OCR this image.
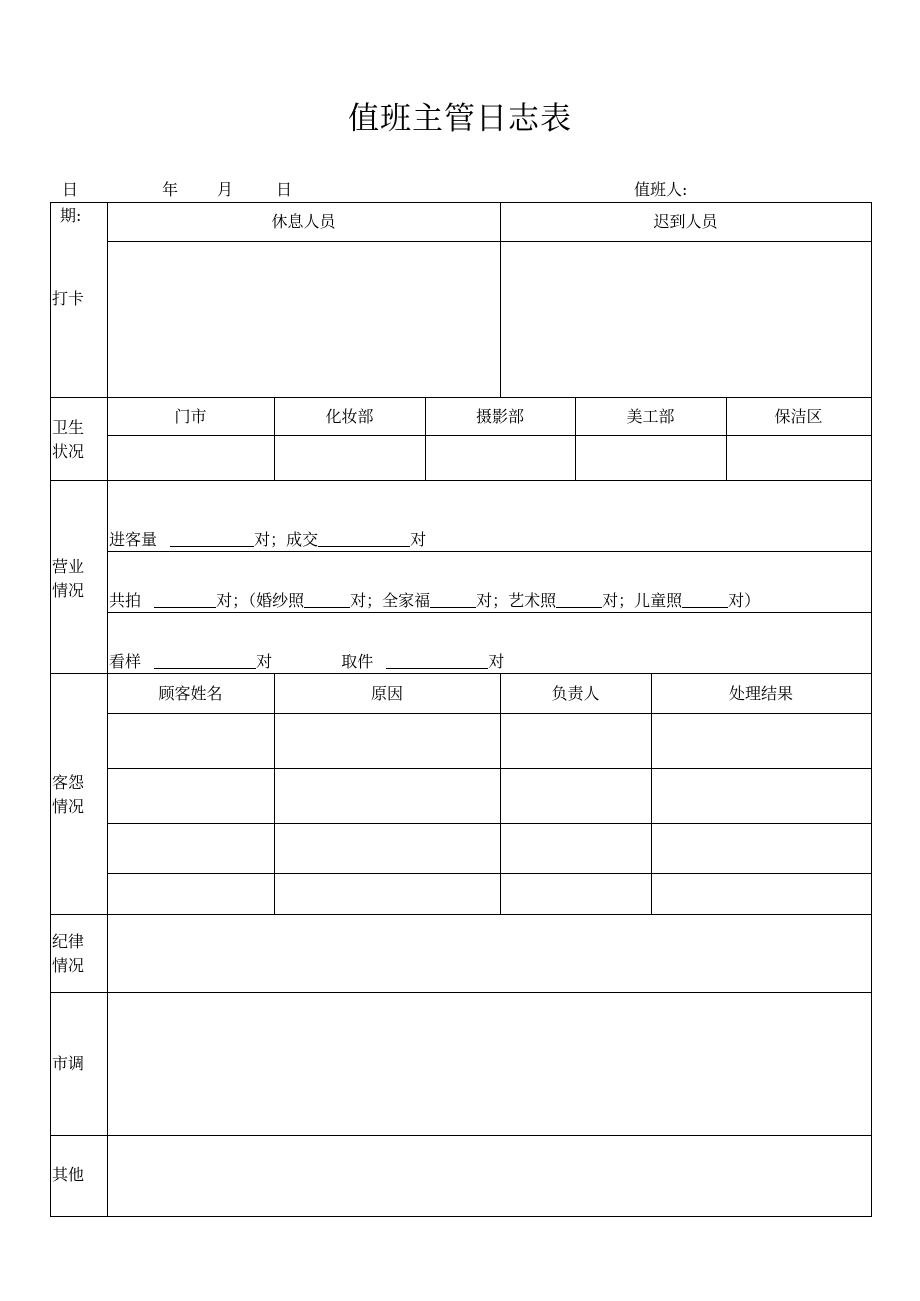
值班主管日志表
日	年 月	日	值班人:
期:
打卡
休息人员	迟到人员
卫生
状况
门市	化妆部	摄影部	美工部	保洁区
营业
情况
进客量	对；成交	对
共拍	对；（婚纱照	对；全家福	对；艺术照	对；儿童照	对）
看样	对	取件	对
客怨
情况
顾客姓名	原因	负责人	处理结果
纪律
情况
市调
其他
